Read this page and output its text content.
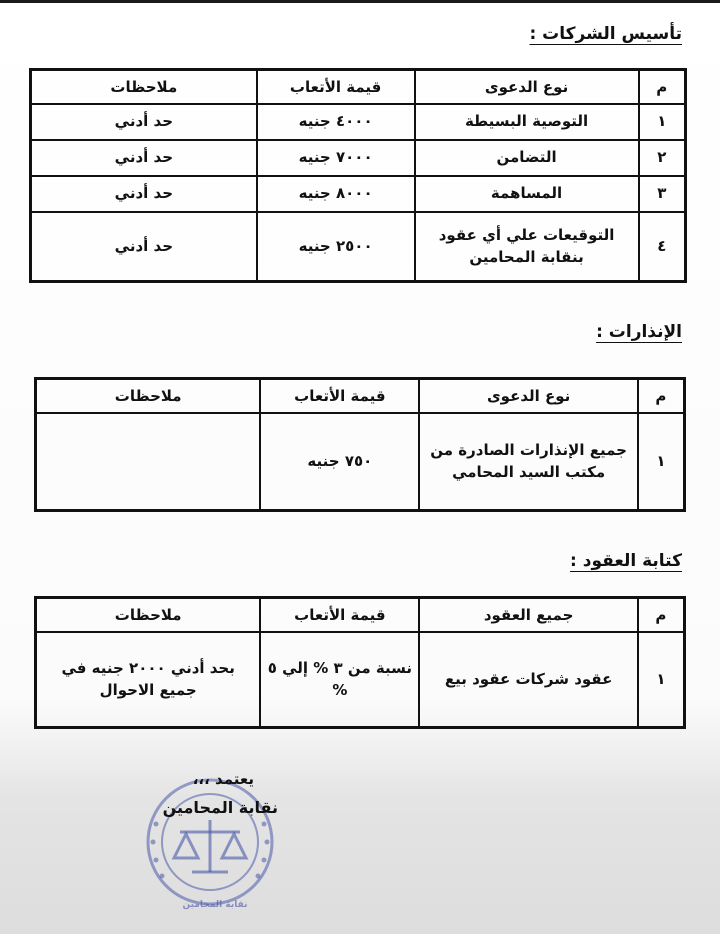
تأسيس الشركات :
م	نوع الدعوى	قيمة الأتعاب	ملاحظات
١	التوصية البسيطة	٤٠٠٠ جنيه	حد أدني
٢	التضامن	٧٠٠٠ جنيه	حد أدني
٣	المساهمة	٨٠٠٠ جنيه	حد أدني
٤	التوقيعات علي أي عقود بنقابة المحامين	٢٥٠٠ جنيه	حد أدني
الإنذارات :
م	نوع الدعوى	قيمة الأتعاب	ملاحظات
١	جميع الإنذارات الصادرة من مكتب السيد المحامي	٧٥٠ جنيه	
كتابة العقود :
م	جميع العقود	قيمة الأتعاب	ملاحظات
١	عقود شركات عقود بيع	نسبة من ٣ % إلي ٥ %	بحد أدني ٢٠٠٠ جنيه في جميع الاحوال
يعتمد ،،،
نقابة المحامين
نقابة المحامين
